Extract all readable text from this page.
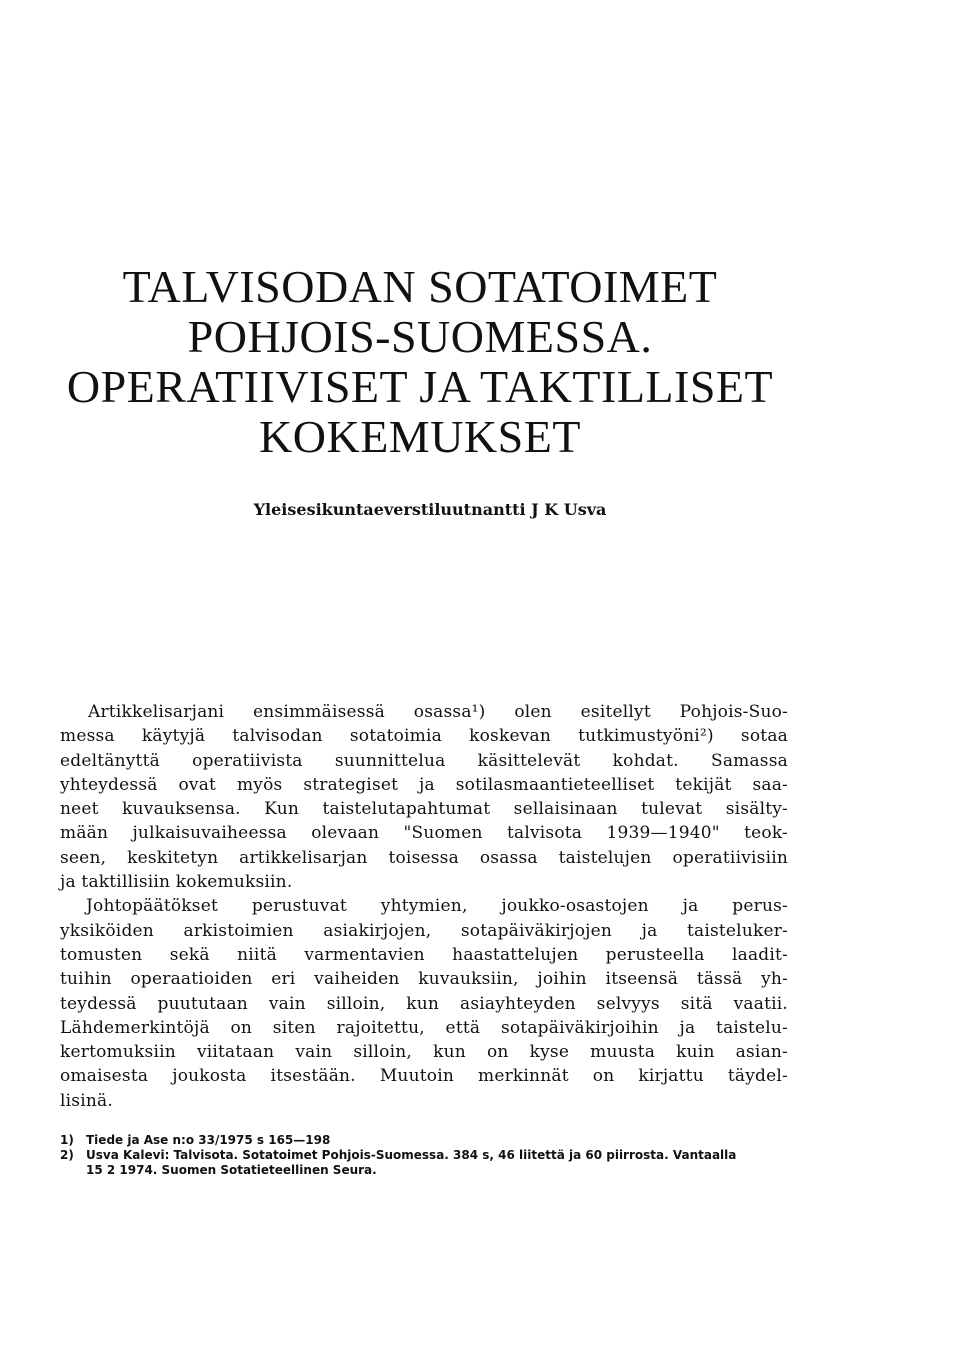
TALVISODAN SOTATOIMET
POHJOIS-SUOMESSA.
OPERATIIVISET JA TAKTILLISET
KOKEMUKSET
Yleisesikuntaeverstiluutnantti J K Usva
Artikkelisarjani ensimmäisessä osassa¹) olen esitellyt Pohjois-Suo-
messa käytyjä talvisodan sotatoimia koskevan tutkimustyöni²) sotaa
edeltänyttä operatiivista suunnittelua käsittelevät kohdat. Samassa
yhteydessä ovat myös strategiset ja sotilasmaantieteelliset tekijät saa-
neet kuvauksensa. Kun taistelutapahtumat sellaisinaan tulevat sisälty-
mään julkaisuvaiheessa olevaan "Suomen talvisota 1939—1940" teok-
seen, keskitetyn artikkelisarjan toisessa osassa taistelujen operatiivisiin
ja taktillisiin kokemuksiin.
Johtopäätökset perustuvat yhtymien, joukko-osastojen ja perus-
yksiköiden arkistoimien asiakirjojen, sotapäiväkirjojen ja taisteluker-
tomusten sekä niitä varmentavien haastattelujen perusteella laadit-
tuihin operaatioiden eri vaiheiden kuvauksiin, joihin itseensä tässä yh-
teydessä puututaan vain silloin, kun asiayhteyden selvyys sitä vaatii.
Lähdemerkintöjä on siten rajoitettu, että sotapäiväkirjoihin ja taistelu-
kertomuksiin viitataan vain silloin, kun on kyse muusta kuin asian-
omaisesta joukosta itsestään. Muutoin merkinnät on kirjattu täydel-
lisinä.
1) Tiede ja Ase n:o 33/1975 s 165—198
2) Usva Kalevi: Talvisota. Sotatoimet Pohjois-Suomessa. 384 s, 46 liitettä ja 60 piirrosta. Vantaalla
15 2 1974. Suomen Sotatieteellinen Seura.
